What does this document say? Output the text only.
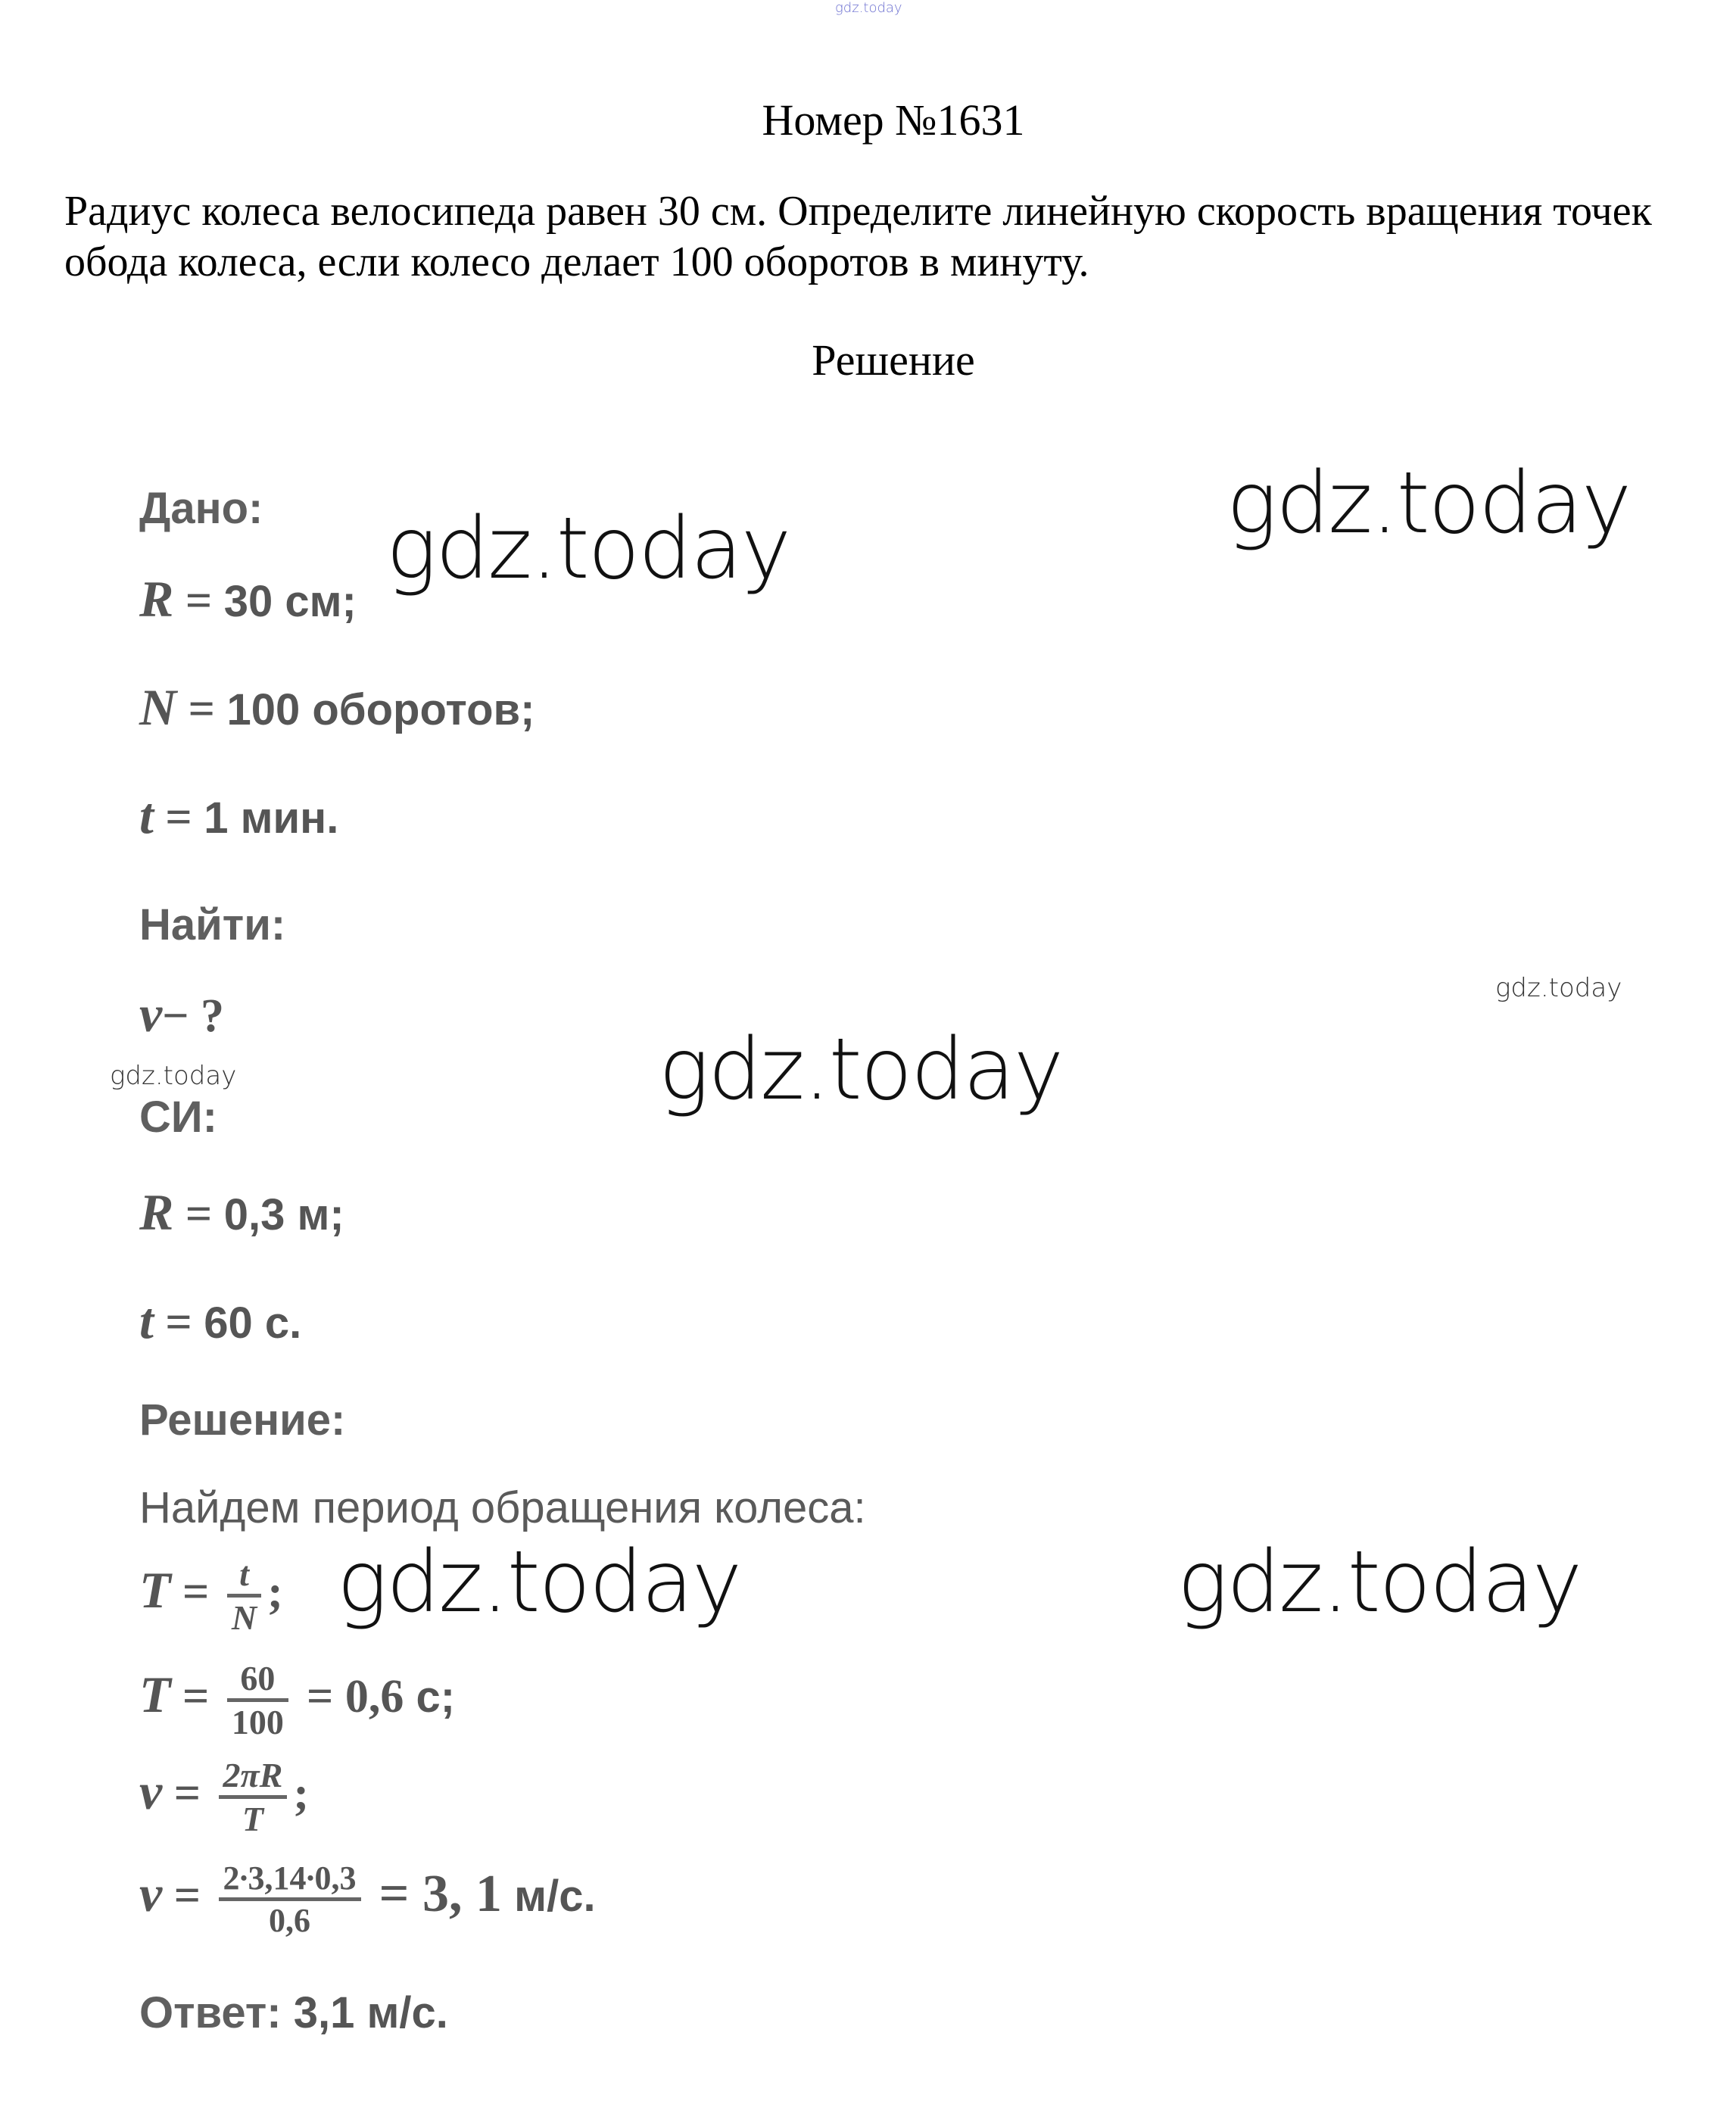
gdz.today
Номер №1631
Радиус колеса велосипеда равен 30 см. Определите линейную скорость вращения точек обода колеса, если колесо делает 100 оборотов в минуту.
Решение
Дано:
R = 30 см;
N = 100 оборотов;
t = 1 мин.
Найти:
v− ?
СИ:
R = 0,3 м;
t = 60 с.
Решение:
Найдем период обращения колеса:
$T = \frac{t}{N}$ ;
$T = \frac{60}{100} = 0,6$ с;
$v = \frac{2\pi R}{T}$ ;
$v = \frac{2\cdot 3,14\cdot 0,3}{0,6} = 3$, 1 м/с.
Ответ: 3,1 м/с.
gdz.today
gdz.today
gdz.today
gdz.today
gdz.today
gdz.today	gdz.today
